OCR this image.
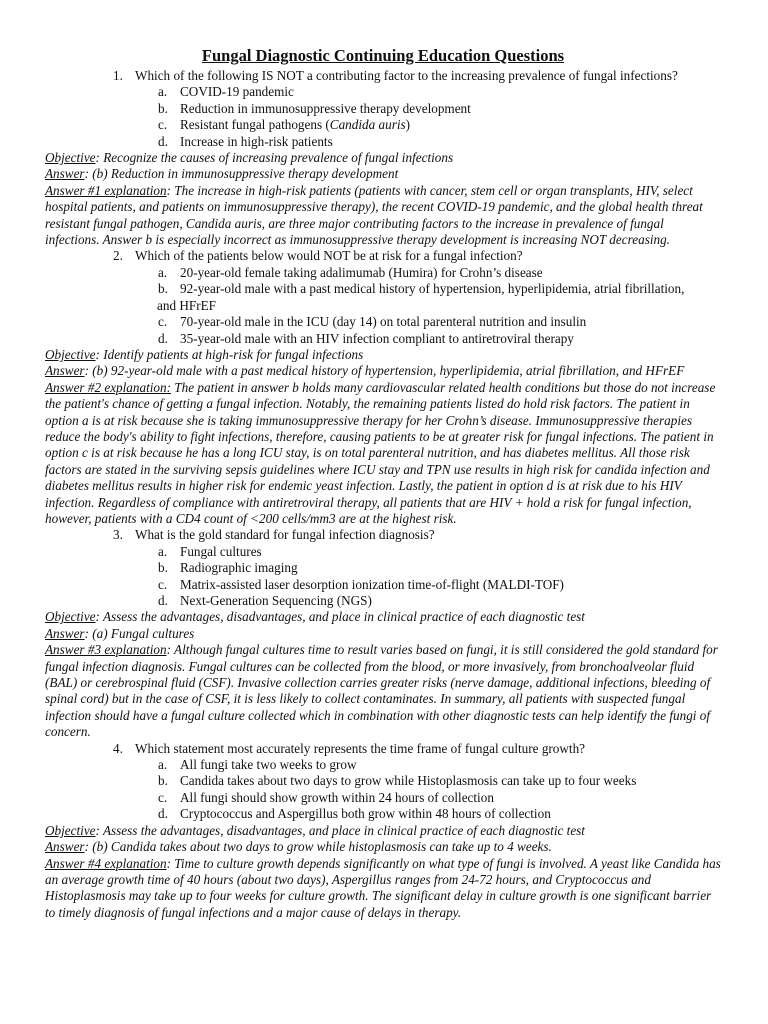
Fungal Diagnostic Continuing Education Questions
1. Which of the following IS NOT a contributing factor to the increasing prevalence of fungal infections?
a. COVID-19 pandemic
b. Reduction in immunosuppressive therapy development
c. Resistant fungal pathogens (Candida auris)
d. Increase in high-risk patients
Objective: Recognize the causes of increasing prevalence of fungal infections
Answer: (b) Reduction in immunosuppressive therapy development
Answer #1 explanation: The increase in high-risk patients (patients with cancer, stem cell or organ transplants, HIV, select hospital patients, and patients on immunosuppressive therapy), the recent COVID-19 pandemic, and the global health threat resistant fungal pathogen, Candida auris, are three major contributing factors to the increase in prevalence of fungal infections. Answer b is especially incorrect as immunosuppressive therapy development is increasing NOT decreasing.
2. Which of the patients below would NOT be at risk for a fungal infection?
a. 20-year-old female taking adalimumab (Humira) for Crohn’s disease
b. 92-year-old male with a past medical history of hypertension, hyperlipidemia, atrial fibrillation,
and HFrEF
c. 70-year-old male in the ICU (day 14) on total parenteral nutrition and insulin
d. 35-year-old male with an HIV infection compliant to antiretroviral therapy
Objective: Identify patients at high-risk for fungal infections
Answer: (b) 92-year-old male with a past medical history of hypertension, hyperlipidemia, atrial fibrillation, and HFrEF
Answer #2 explanation: The patient in answer b holds many cardiovascular related health conditions but those do not increase the patient's chance of getting a fungal infection. Notably, the remaining patients listed do hold risk factors. The patient in option a is at risk because she is taking immunosuppressive therapy for her Crohn’s disease. Immunosuppressive therapies reduce the body's ability to fight infections, therefore, causing patients to be at greater risk for fungal infections. The patient in option c is at risk because he has a long ICU stay, is on total parenteral nutrition, and has diabetes mellitus. All those risk factors are stated in the surviving sepsis guidelines where ICU stay and TPN use results in high risk for candida infection and diabetes mellitus results in higher risk for endemic yeast infection. Lastly, the patient in option d is at risk due to his HIV infection. Regardless of compliance with antiretroviral therapy, all patients that are HIV + hold a risk for fungal infection, however, patients with a CD4 count of <200 cells/mm3 are at the highest risk.
3. What is the gold standard for fungal infection diagnosis?
a. Fungal cultures
b. Radiographic imaging
c. Matrix-assisted laser desorption ionization time-of-flight (MALDI-TOF)
d. Next-Generation Sequencing (NGS)
Objective: Assess the advantages, disadvantages, and place in clinical practice of each diagnostic test
Answer: (a) Fungal cultures
Answer #3 explanation: Although fungal cultures time to result varies based on fungi, it is still considered the gold standard for fungal infection diagnosis. Fungal cultures can be collected from the blood, or more invasively, from bronchoalveolar fluid (BAL) or cerebrospinal fluid (CSF). Invasive collection carries greater risks (nerve damage, additional infections, bleeding of spinal cord) but in the case of CSF, it is less likely to collect contaminates. In summary, all patients with suspected fungal infection should have a fungal culture collected which in combination with other diagnostic tests can help identify the fungi of concern.
4. Which statement most accurately represents the time frame of fungal culture growth?
a. All fungi take two weeks to grow
b. Candida takes about two days to grow while Histoplasmosis can take up to four weeks
c. All fungi should show growth within 24 hours of collection
d. Cryptococcus and Aspergillus both grow within 48 hours of collection
Objective: Assess the advantages, disadvantages, and place in clinical practice of each diagnostic test
Answer: (b) Candida takes about two days to grow while histoplasmosis can take up to 4 weeks.
Answer #4 explanation: Time to culture growth depends significantly on what type of fungi is involved. A yeast like Candida has an average growth time of 40 hours (about two days), Aspergillus ranges from 24-72 hours, and Cryptococcus and Histoplasmosis may take up to four weeks for culture growth. The significant delay in culture growth is one significant barrier to timely diagnosis of fungal infections and a major cause of delays in therapy.
